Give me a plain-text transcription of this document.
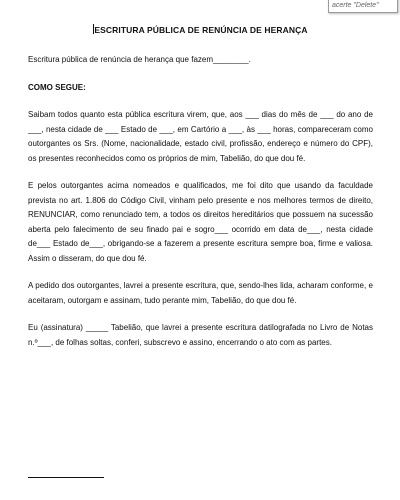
acerte "Delete"
ESCRITURA PÚBLICA DE RENÚNCIA DE HERANÇA

Escritura pública de renúncia de herança que fazem________.

COMO SEGUE:

Saibam todos quanto esta pública escritura virem, que, aos ___ dias do mês de ___ do ano de ___, nesta cidade de ___ Estado de ___, em Cartório a ___, às ___ horas, compareceram como outorgantes os Srs. (Nome, nacionalidade, estado civil, profissão, endereço e número do CPF), os presentes reconhecidos como os próprios de mim, Tabelião, do que dou fé.

E pelos outorgantes acima nomeados e qualificados, me foi dito que usando da faculdade prevista no art. 1.806 do Código Civil, vinham pelo presente e nos melhores termos de direito, RENUNCIAR, como renunciado tem, a todos os direitos hereditários que possuem na sucessão aberta pelo falecimento de seu finado pai e sogro___ ocorrido em data de___, nesta cidade de___ Estado de___, obrigando-se a fazerem a presente escritura sempre boa, firme e valiosa. Assim o disseram, do que dou fé.

A pedido dos outorgantes, lavrei a presente escritura, que, sendo-lhes lida, acharam conforme, e aceitaram, outorgam e assinam, tudo perante mim, Tabelião, do que dou fé.

Eu (assinatura) _____ Tabelião, que lavrei a presente escritura datilografada no Livro de Notas n.º___, de folhas soltas, conferi, subscrevo e assino, encerrando o ato com as partes.
